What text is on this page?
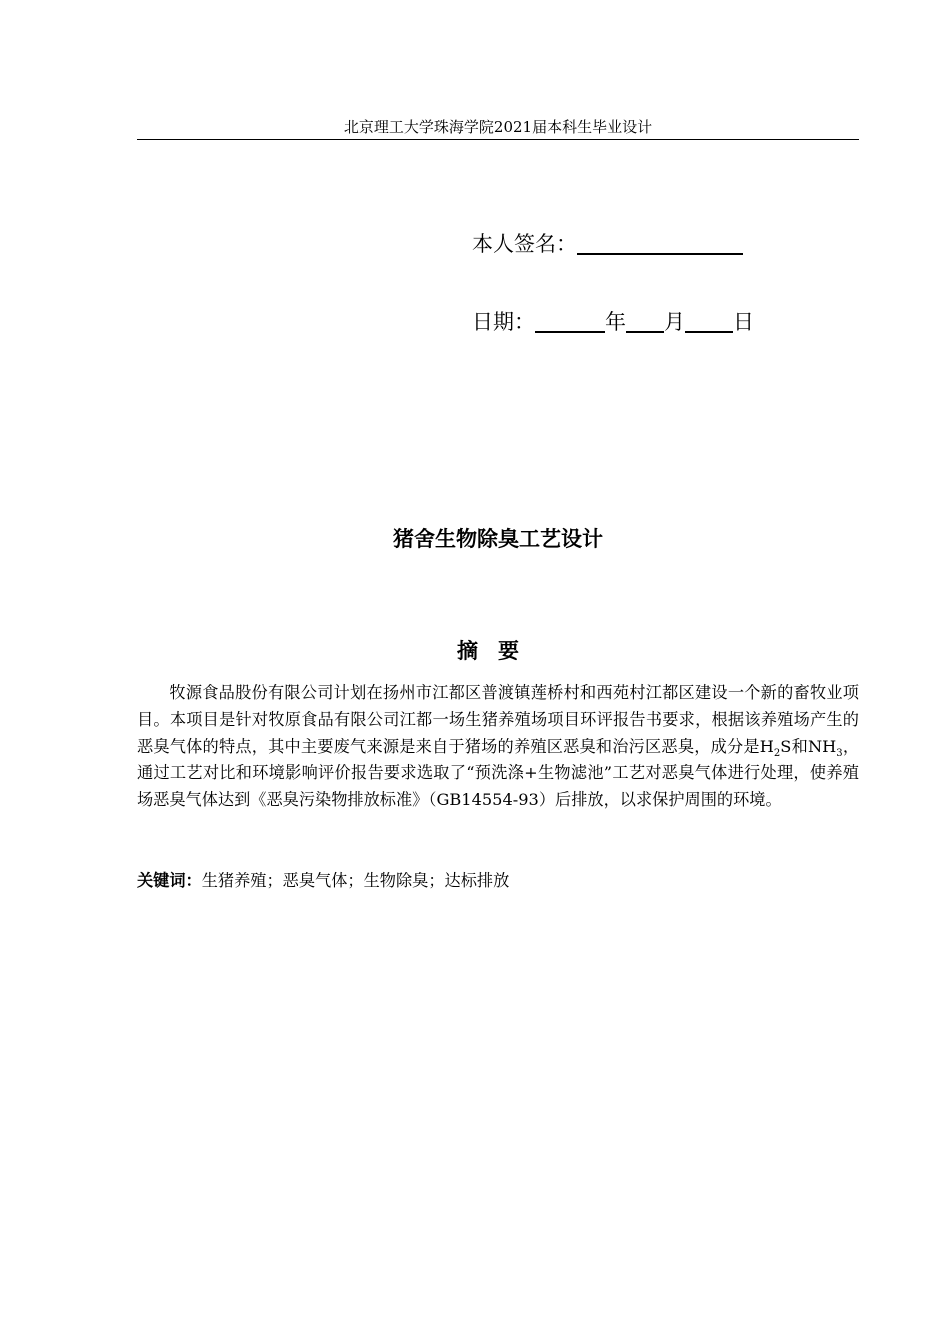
北京理工大学珠海学院2021届本科生毕业设计
本人签名：
日期：	年 月 日
猪舍生物除臭工艺设计
摘要

牧源食品股份有限公司计划在扬州市江都区普渡镇莲桥村和西苑村江都区建设一个新的畜牧业项目。本项目是针对牧原食品有限公司江都一场生猪养殖场项目环评报告书要求，根据该养殖场产生的恶臭气体的特点，其中主要废气来源是来自于猪场的养殖区恶臭和治污区恶臭，成分是$H_2S$和$NH_3$，通过工艺对比和环境影响评价报告要求选取了“预洗涤+生物滤池”工艺对恶臭气体进行处理，使养殖场恶臭气体达到《恶臭污染物排放标准》（GB14554-93）后排放，以求保护周围的环境。

关键词：生猪养殖；恶臭气体；生物除臭；达标排放
